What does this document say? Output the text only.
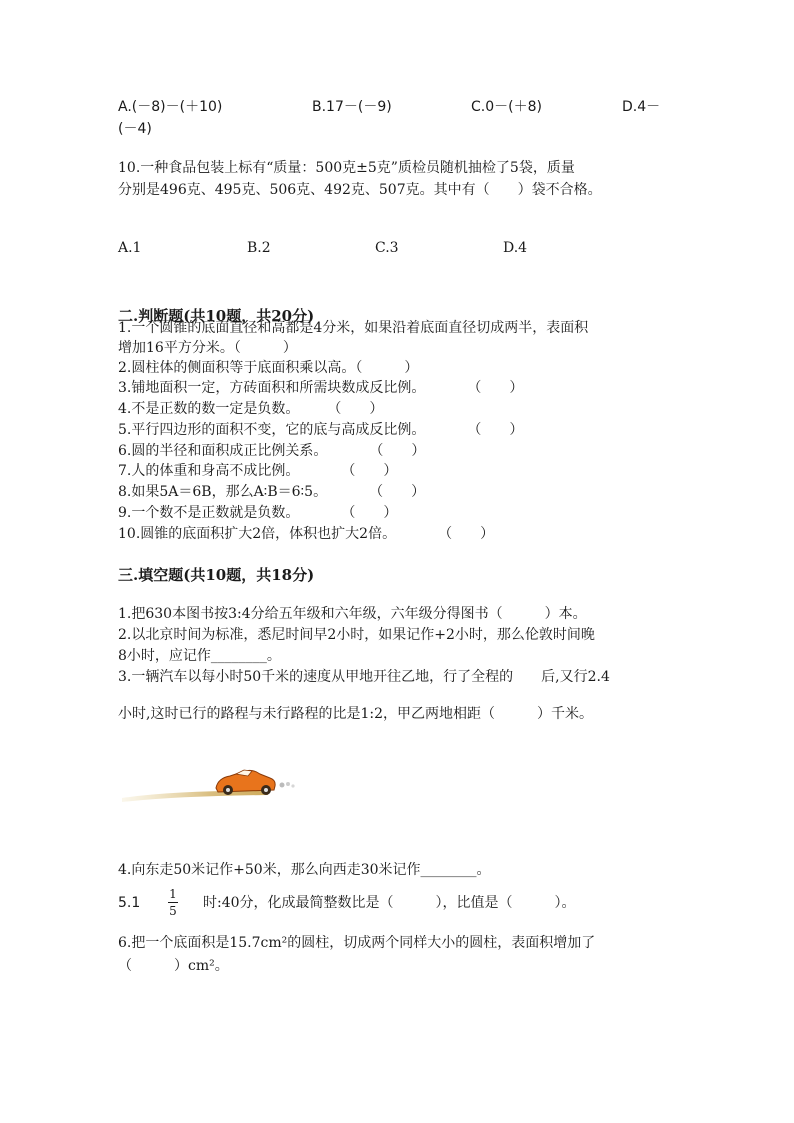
A.(－8)－(＋10)	B.17－(－9)	C.0－(＋8)	D.4－
(－4)
10.一种食品包装上标有“质量：500克±5克”质检员随机抽检了5袋，质量
分别是496克、495克、506克、492克、507克。其中有（　　）袋不合格。
A.1	B.2	C.3	D.4
二.判断题(共10题，共20分)
1.一个圆锥的底面直径和高都是4分米，如果沿着底面直径切成两半，表面积
增加16平方分米。（　　　）
2.圆柱体的侧面积等于底面积乘以高。（　　　）
3.铺地面积一定，方砖面积和所需块数成反比例。　　　　（　　）
4.不是正数的数一定是负数。　　　（　　）
5.平行四边形的面积不变，它的底与高成反比例。　　　　（　　）
6.圆的半径和面积成正比例关系。　　　　（　　）
7.人的体重和身高不成比例。　　　　（　　）
8.如果5A＝6B，那么A∶B＝6∶5。　　　　（　　）
9.一个数不是正数就是负数。　　　　（　　）
10.圆锥的底面积扩大2倍，体积也扩大2倍。　　　　（　　）
三.填空题(共10题，共18分)
1.把630本图书按3:4分给五年级和六年级，六年级分得图书（　　　）本。
2.以北京时间为标准，悉尼时间早2小时，如果记作+2小时，那么伦敦时间晚
8小时，应记作________。
3.一辆汽车以每小时50千米的速度从甲地开往乙地，行了全程的　　后,又行2.4
小时,这时已行的路程与未行路程的比是1:2，甲乙两地相距（　　　）千米。
4.向东走50米记作+50米，那么向西走30米记作________。
5.1
1
5 时:40分，化成最简整数比是（　　　），比值是（　　　）。
6.把一个底面积是15.7cm²的圆柱，切成两个同样大小的圆柱，表面积增加了
（　　　）cm²。
